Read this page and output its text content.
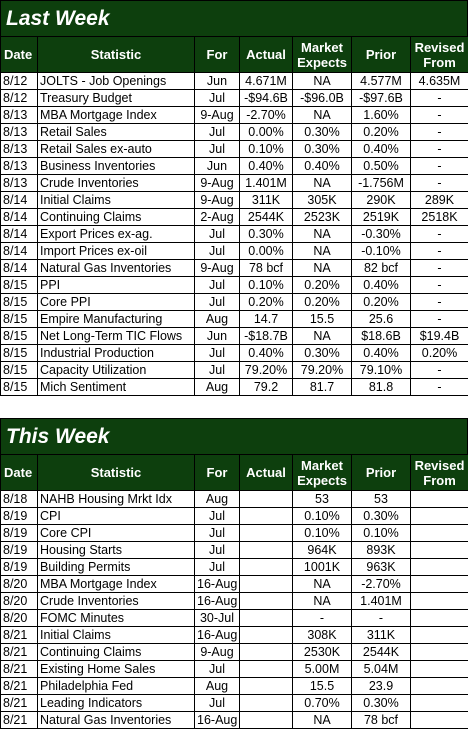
Last Week
Date	Statistic	For	Actual	Market Expects	Prior	Revised From
8/12	JOLTS - Job Openings	Jun	4.671M	NA	4.577M	4.635M
8/12	Treasury Budget	Jul	-$94.6B	-$96.0B	-$97.6B	-
8/13	MBA Mortgage Index	9-Aug	-2.70%	NA	1.60%	-
8/13	Retail Sales	Jul	0.00%	0.30%	0.20%	-
8/13	Retail Sales ex-auto	Jul	0.10%	0.30%	0.40%	-
8/13	Business Inventories	Jun	0.40%	0.40%	0.50%	-
8/13	Crude Inventories	9-Aug	1.401M	NA	-1.756M	-
8/14	Initial Claims	9-Aug	311K	305K	290K	289K
8/14	Continuing Claims	2-Aug	2544K	2523K	2519K	2518K
8/14	Export Prices ex-ag.	Jul	0.30%	NA	-0.30%	-
8/14	Import Prices ex-oil	Jul	0.00%	NA	-0.10%	-
8/14	Natural Gas Inventories	9-Aug	78 bcf	NA	82 bcf	-
8/15	PPI	Jul	0.10%	0.20%	0.40%	-
8/15	Core PPI	Jul	0.20%	0.20%	0.20%	-
8/15	Empire Manufacturing	Aug	14.7	15.5	25.6	-
8/15	Net Long-Term TIC Flows	Jun	-$18.7B	NA	$18.6B	$19.4B
8/15	Industrial Production	Jul	0.40%	0.30%	0.40%	0.20%
8/15	Capacity Utilization	Jul	79.20%	79.20%	79.10%	-
8/15	Mich Sentiment	Aug	79.2	81.7	81.8	-
This Week
Date	Statistic	For	Actual	Market Expects	Prior	Revised From
8/18	NAHB Housing Mrkt Idx	Aug		53	53	
8/19	CPI	Jul		0.10%	0.30%	
8/19	Core CPI	Jul		0.10%	0.10%	
8/19	Housing Starts	Jul		964K	893K	
8/19	Building Permits	Jul		1001K	963K	
8/20	MBA Mortgage Index	16-Aug		NA	-2.70%	
8/20	Crude Inventories	16-Aug		NA	1.401M	
8/20	FOMC Minutes	30-Jul		-	-	
8/21	Initial Claims	16-Aug		308K	311K	
8/21	Continuing Claims	9-Aug		2530K	2544K	
8/21	Existing Home Sales	Jul		5.00M	5.04M	
8/21	Philadelphia Fed	Aug		15.5	23.9	
8/21	Leading Indicators	Jul		0.70%	0.30%	
8/21	Natural Gas Inventories	16-Aug		NA	78 bcf	
